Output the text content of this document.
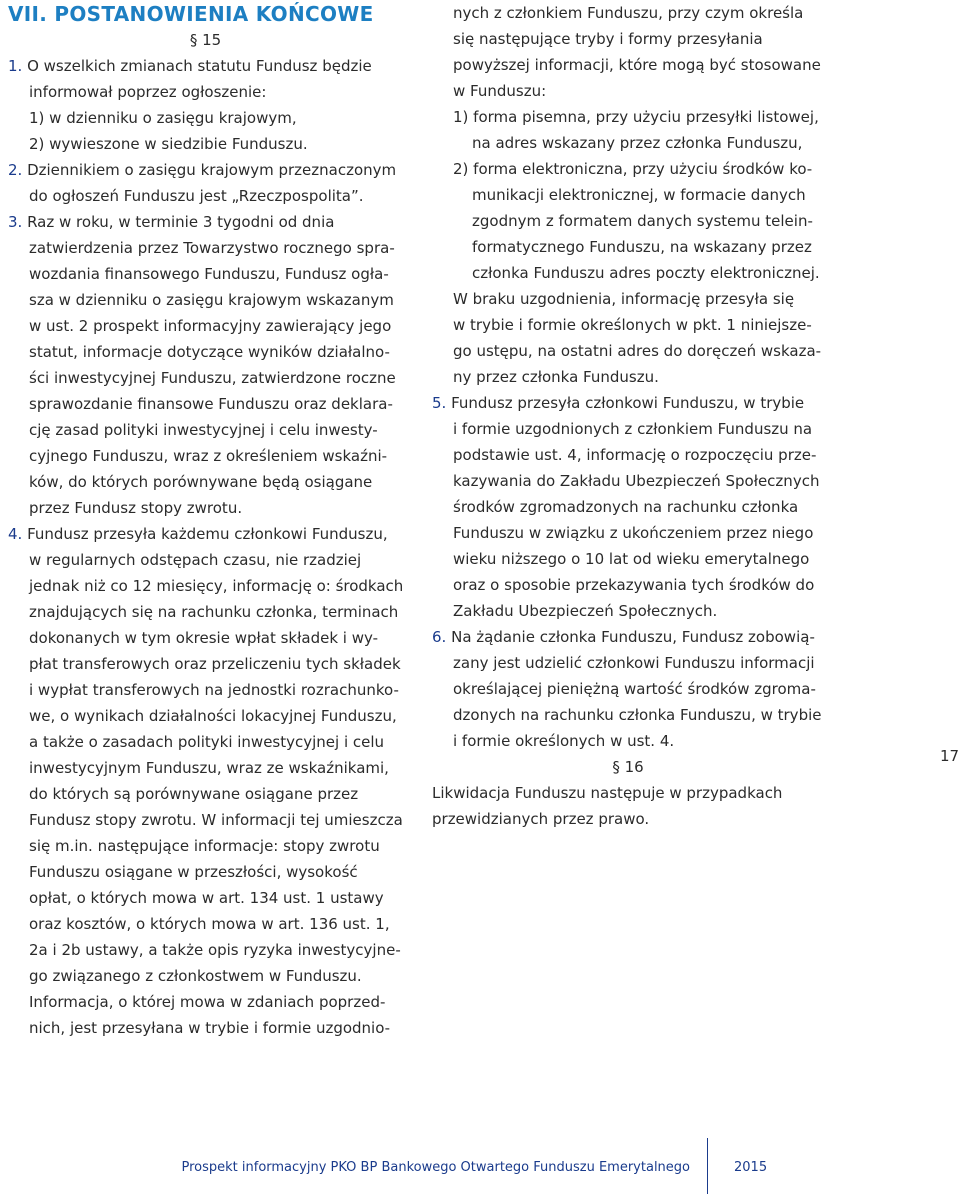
VII. POSTANOWIENIA KOŃCOWE
§ 15
1. O wszelkich zmianach statutu Fundusz będzie
informował poprzez ogłoszenie:
1) w dzienniku o zasięgu krajowym,
2) wywieszone w siedzibie Funduszu.
2. Dziennikiem o zasięgu krajowym przeznaczonym
do ogłoszeń Funduszu jest „Rzeczpospolita”.
3. Raz w roku, w terminie 3 tygodni od dnia
zatwierdzenia przez Towarzystwo rocznego spra-
wozdania finansowego Funduszu, Fundusz ogła-
sza w dzienniku o zasięgu krajowym wskazanym
w ust. 2 prospekt informacyjny zawierający jego
statut, informacje dotyczące wyników działalno-
ści inwestycyjnej Funduszu, zatwierdzone roczne
sprawozdanie finansowe Funduszu oraz deklara-
cję zasad polityki inwestycyjnej i celu inwesty-
cyjnego Funduszu, wraz z określeniem wskaźni-
ków, do których porównywane będą osiągane
przez Fundusz stopy zwrotu.
4. Fundusz przesyła każdemu członkowi Funduszu,
w regularnych odstępach czasu, nie rzadziej
jednak niż co 12 miesięcy, informację o: środkach
znajdujących się na rachunku członka, terminach
dokonanych w tym okresie wpłat składek i wy-
płat transferowych oraz przeliczeniu tych składek
i wypłat transferowych na jednostki rozrachunko-
we, o wynikach działalności lokacyjnej Funduszu,
a także o zasadach polityki inwestycyjnej i celu
inwestycyjnym Funduszu, wraz ze wskaźnikami,
do których są porównywane osiągane przez
Fundusz stopy zwrotu. W informacji tej umieszcza
się m.in. następujące informacje: stopy zwrotu
Funduszu osiągane w przeszłości, wysokość
opłat, o których mowa w art. 134 ust. 1 ustawy
oraz kosztów, o których mowa w art. 136 ust. 1,
2a i 2b ustawy, a także opis ryzyka inwestycyjne-
go związanego z członkostwem w Funduszu.
Informacja, o której mowa w zdaniach poprzed-
nich, jest przesyłana w trybie i formie uzgodnio-
nych z członkiem Funduszu, przy czym określa
się następujące tryby i formy przesyłania
powyższej informacji, które mogą być stosowane
w Funduszu:
1) forma pisemna, przy użyciu przesyłki listowej,
na adres wskazany przez członka Funduszu,
2) forma elektroniczna, przy użyciu środków ko-
munikacji elektronicznej, w formacie danych
zgodnym z formatem danych systemu telein-
formatycznego Funduszu, na wskazany przez
członka Funduszu adres poczty elektronicznej.
W braku uzgodnienia, informację przesyła się
w trybie i formie określonych w pkt. 1 niniejsze-
go ustępu, na ostatni adres do doręczeń wskaza-
ny przez członka Funduszu.
5. Fundusz przesyła członkowi Funduszu, w trybie
i formie uzgodnionych z członkiem Funduszu na
podstawie ust. 4, informację o rozpoczęciu prze-
kazywania do Zakładu Ubezpieczeń Społecznych
środków zgromadzonych na rachunku członka
Funduszu w związku z ukończeniem przez niego
wieku niższego o 10 lat od wieku emerytalnego
oraz o sposobie przekazywania tych środków do
Zakładu Ubezpieczeń Społecznych.
6. Na żądanie członka Funduszu, Fundusz zobowią-
zany jest udzielić członkowi Funduszu informacji
określającej pieniężną wartość środków zgroma-
dzonych na rachunku członka Funduszu, w trybie
i formie określonych w ust. 4.
§ 16
Likwidacja Funduszu następuje w przypadkach
przewidzianych przez prawo.
17
Prospekt informacyjny PKO BP Bankowego Otwartego Funduszu Emerytalnego	2015
